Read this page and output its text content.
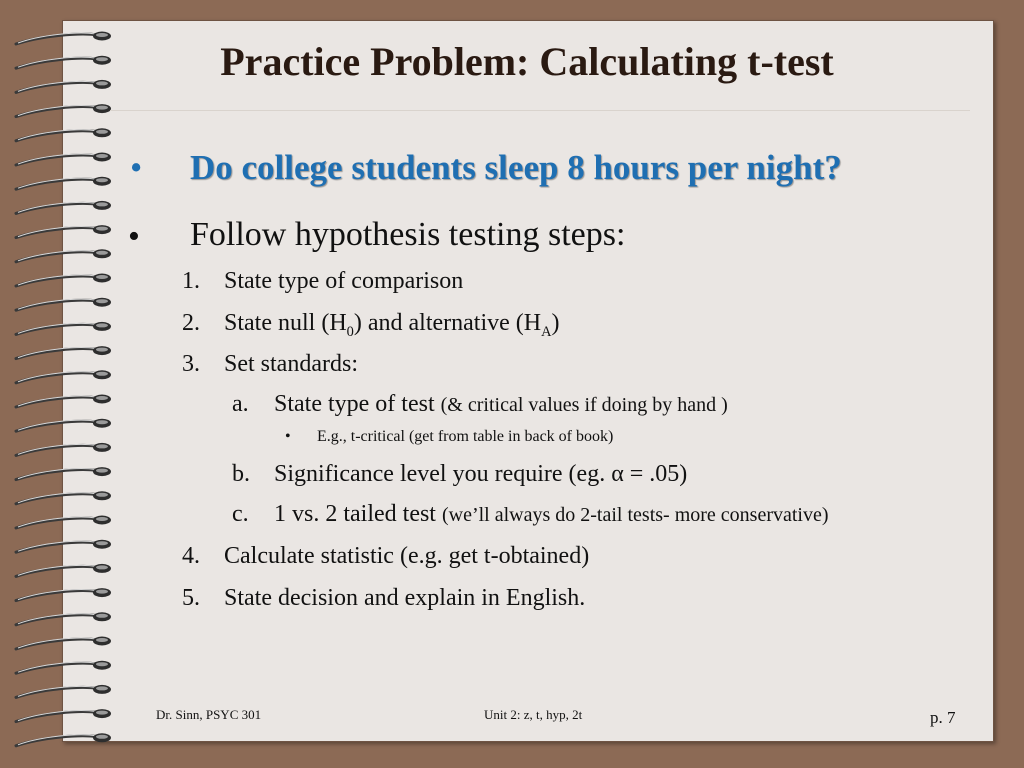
Practice Problem: Calculating t-test
• Do college students sleep 8 hours per night?
• Follow hypothesis testing steps:
1. State type of comparison
2. State null $(H_0)$ and alternative $(H_A)$
3. Set standards:
a. State type of test (& critical values if doing by hand )
• E.g., t-critical (get from table in back of book)
b. Significance level you require (eg. α = .05)
c. 1 vs. 2 tailed test (we’ll always do 2-tail tests- more conservative)
4. Calculate statistic (e.g. get t-obtained)
5. State decision and explain in English.
Dr. Sinn, PSYC 301	Unit 2: z, t, hyp, 2t	p. 7
